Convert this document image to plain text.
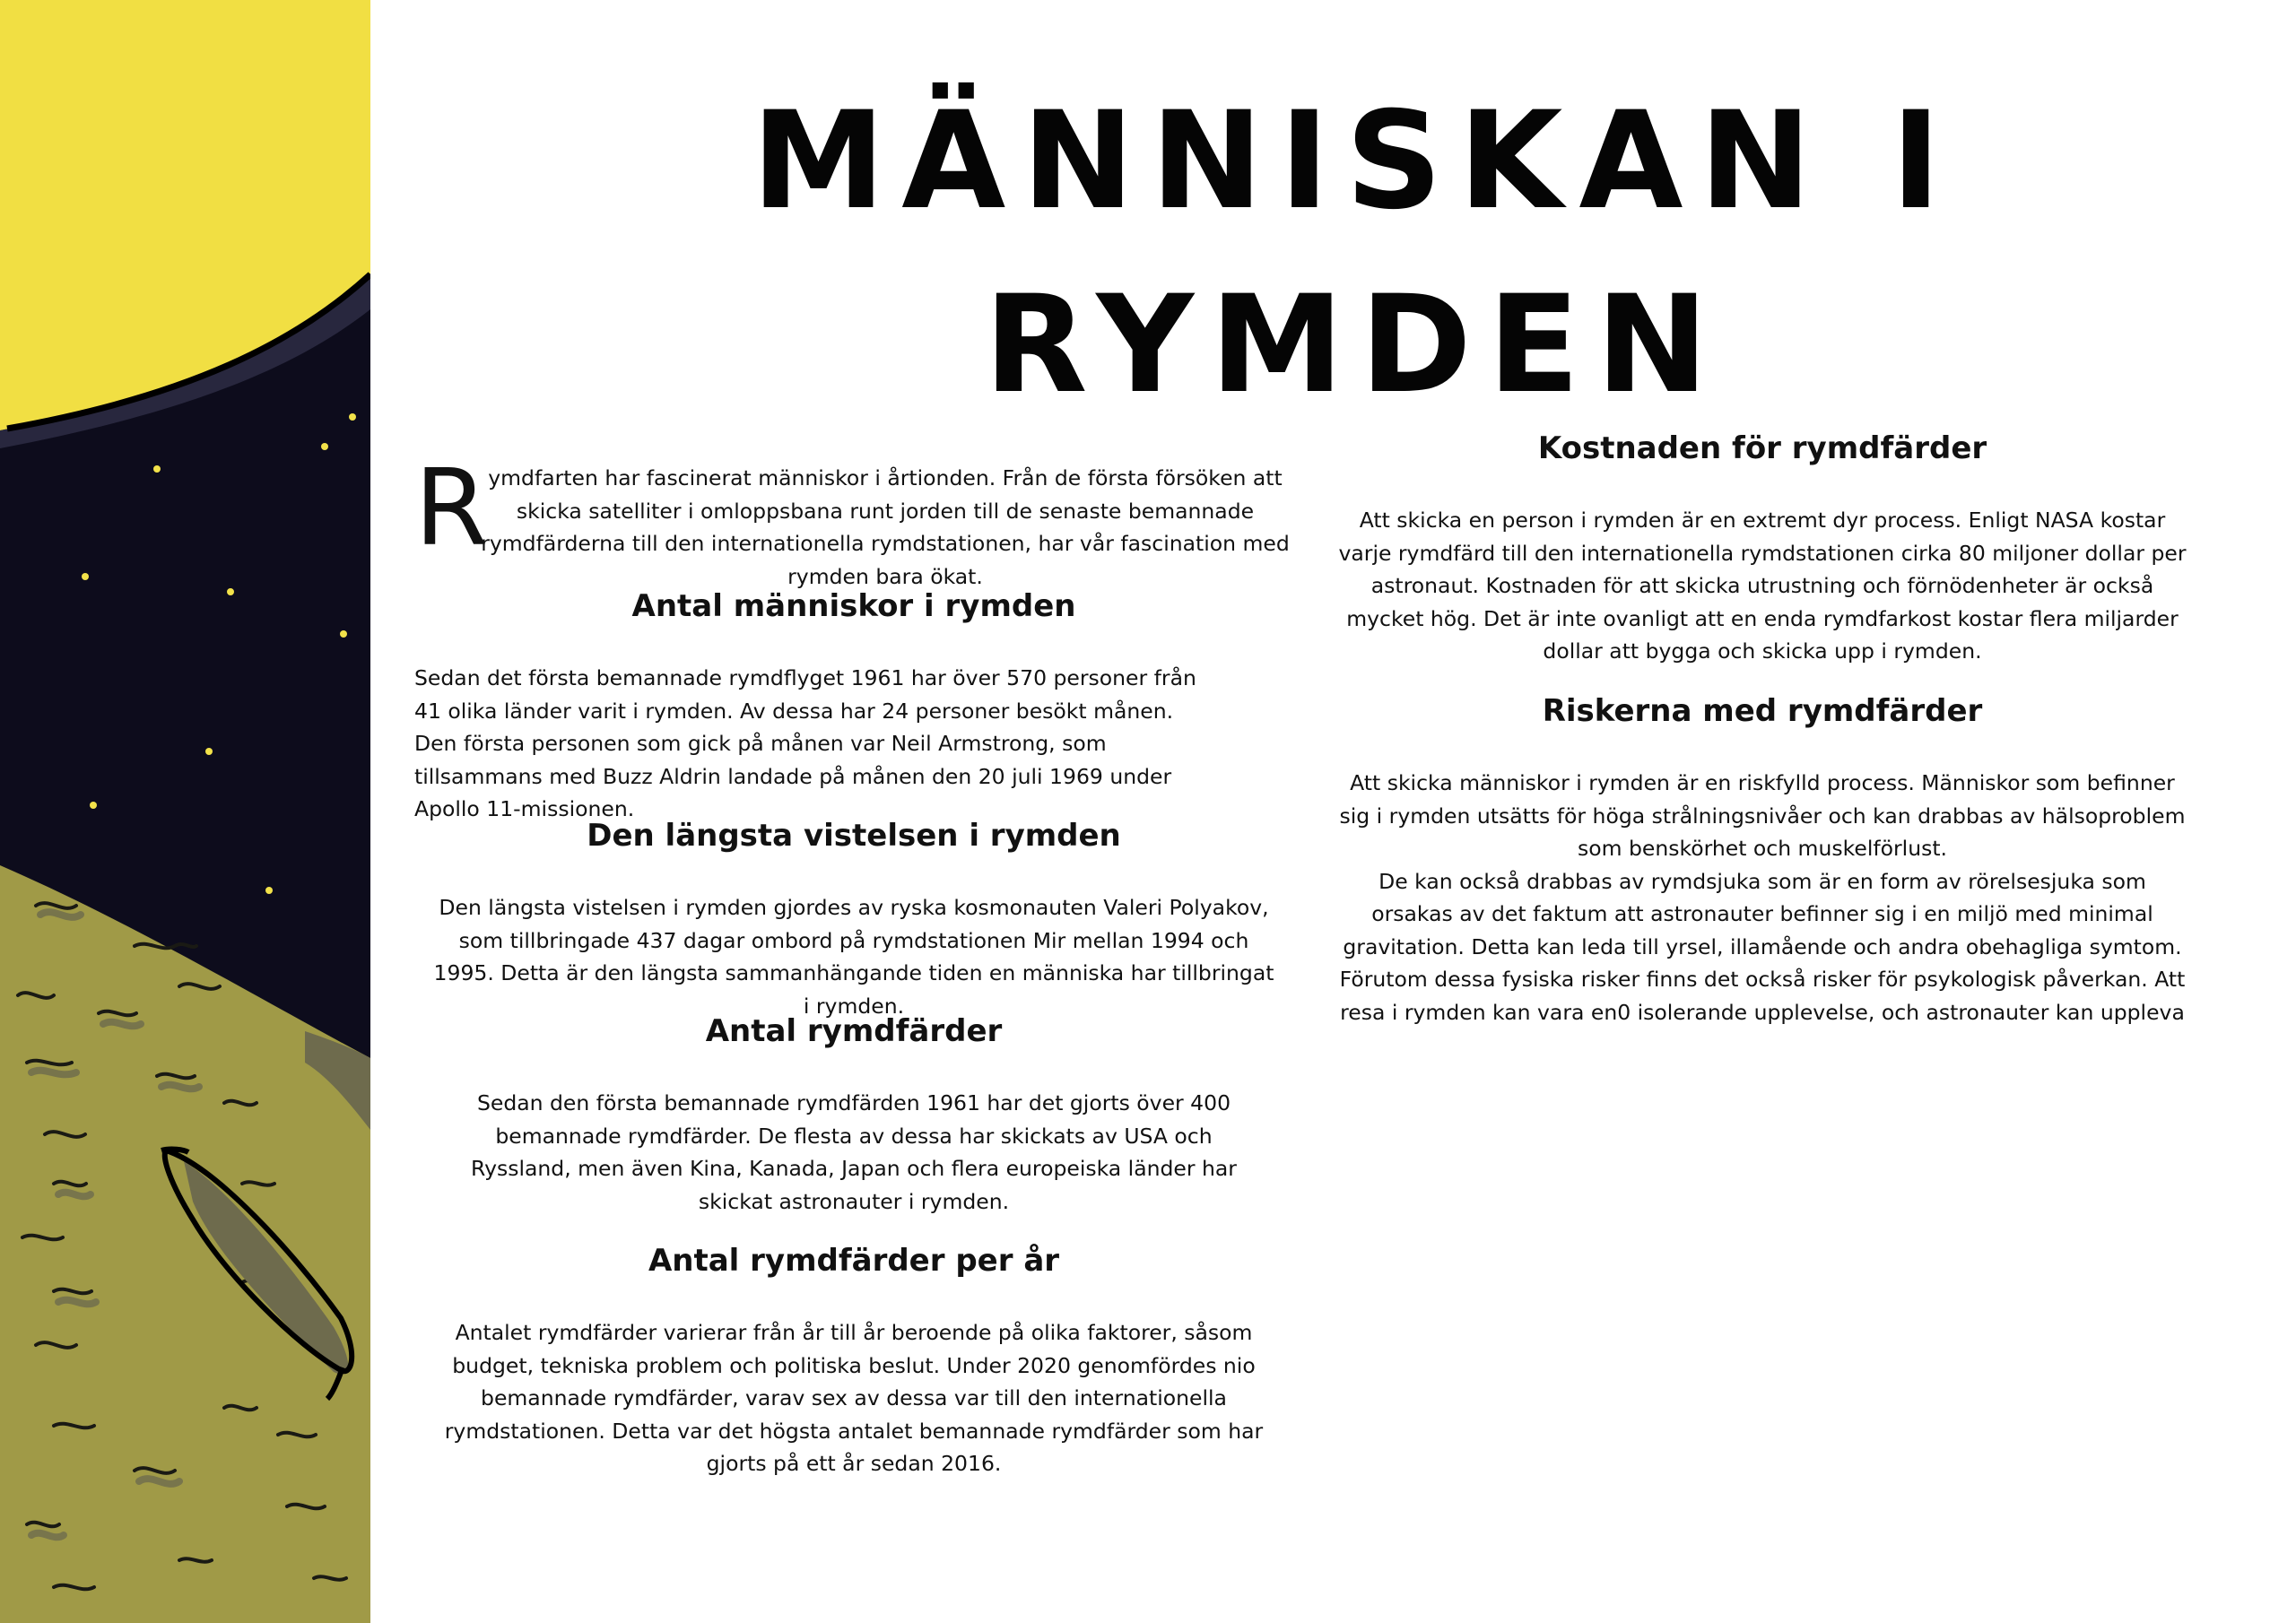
MÄNNISKAN I
RYMDEN
R ymdfarten har fascinerat människor i årtionden. Från de första försöken att skicka satelliter i omloppsbana runt jorden till de senaste bemannade rymdfärderna till den internationella rymdstationen, har vår fascination med rymden bara ökat.
Antal människor i rymden

Sedan det första bemannade rymdflyget 1961 har över 570 personer från 41 olika länder varit i rymden. Av dessa har 24 personer besökt månen. Den första personen som gick på månen var Neil Armstrong, som tillsammans med Buzz Aldrin landade på månen den 20 juli 1969 under Apollo 11-missionen.

Den längsta vistelsen i rymden

Den längsta vistelsen i rymden gjordes av ryska kosmonauten Valeri Polyakov, som tillbringade 437 dagar ombord på rymdstationen Mir mellan 1994 och 1995. Detta är den längsta sammanhängande tiden en människa har tillbringat i rymden.

Antal rymdfärder

Sedan den första bemannade rymdfärden 1961 har det gjorts över 400 bemannade rymdfärder. De flesta av dessa har skickats av USA och Ryssland, men även Kina, Kanada, Japan och flera europeiska länder har skickat astronauter i rymden.

Antal rymdfärder per år

Antalet rymdfärder varierar från år till år beroende på olika faktorer, såsom budget, tekniska problem och politiska beslut. Under 2020 genomfördes nio bemannade rymdfärder, varav sex av dessa var till den internationella rymdstationen. Detta var det högsta antalet bemannade rymdfärder som har gjorts på ett år sedan 2016.

Kostnaden för rymdfärder

Att skicka en person i rymden är en extremt dyr process. Enligt NASA kostar varje rymdfärd till den internationella rymdstationen cirka 80 miljoner dollar per astronaut. Kostnaden för att skicka utrustning och förnödenheter är också mycket hög. Det är inte ovanligt att en enda rymdfarkost kostar flera miljarder dollar att bygga och skicka upp i rymden.

Riskerna med rymdfärder

Att skicka människor i rymden är en riskfylld process. Människor som befinner sig i rymden utsätts för höga strålningsnivåer och kan drabbas av hälsoproblem som benskörhet och muskelförlust.

De kan också drabbas av rymdsjuka som är en form av rörelsesjuka som orsakas av det faktum att astronauter befinner sig i en miljö med minimal gravitation. Detta kan leda till yrsel, illamående och andra obehagliga symtom.

Förutom dessa fysiska risker finns det också risker för psykologisk påverkan. Att resa i rymden kan vara en0 isolerande upplevelse, och astronauter kan uppleva
